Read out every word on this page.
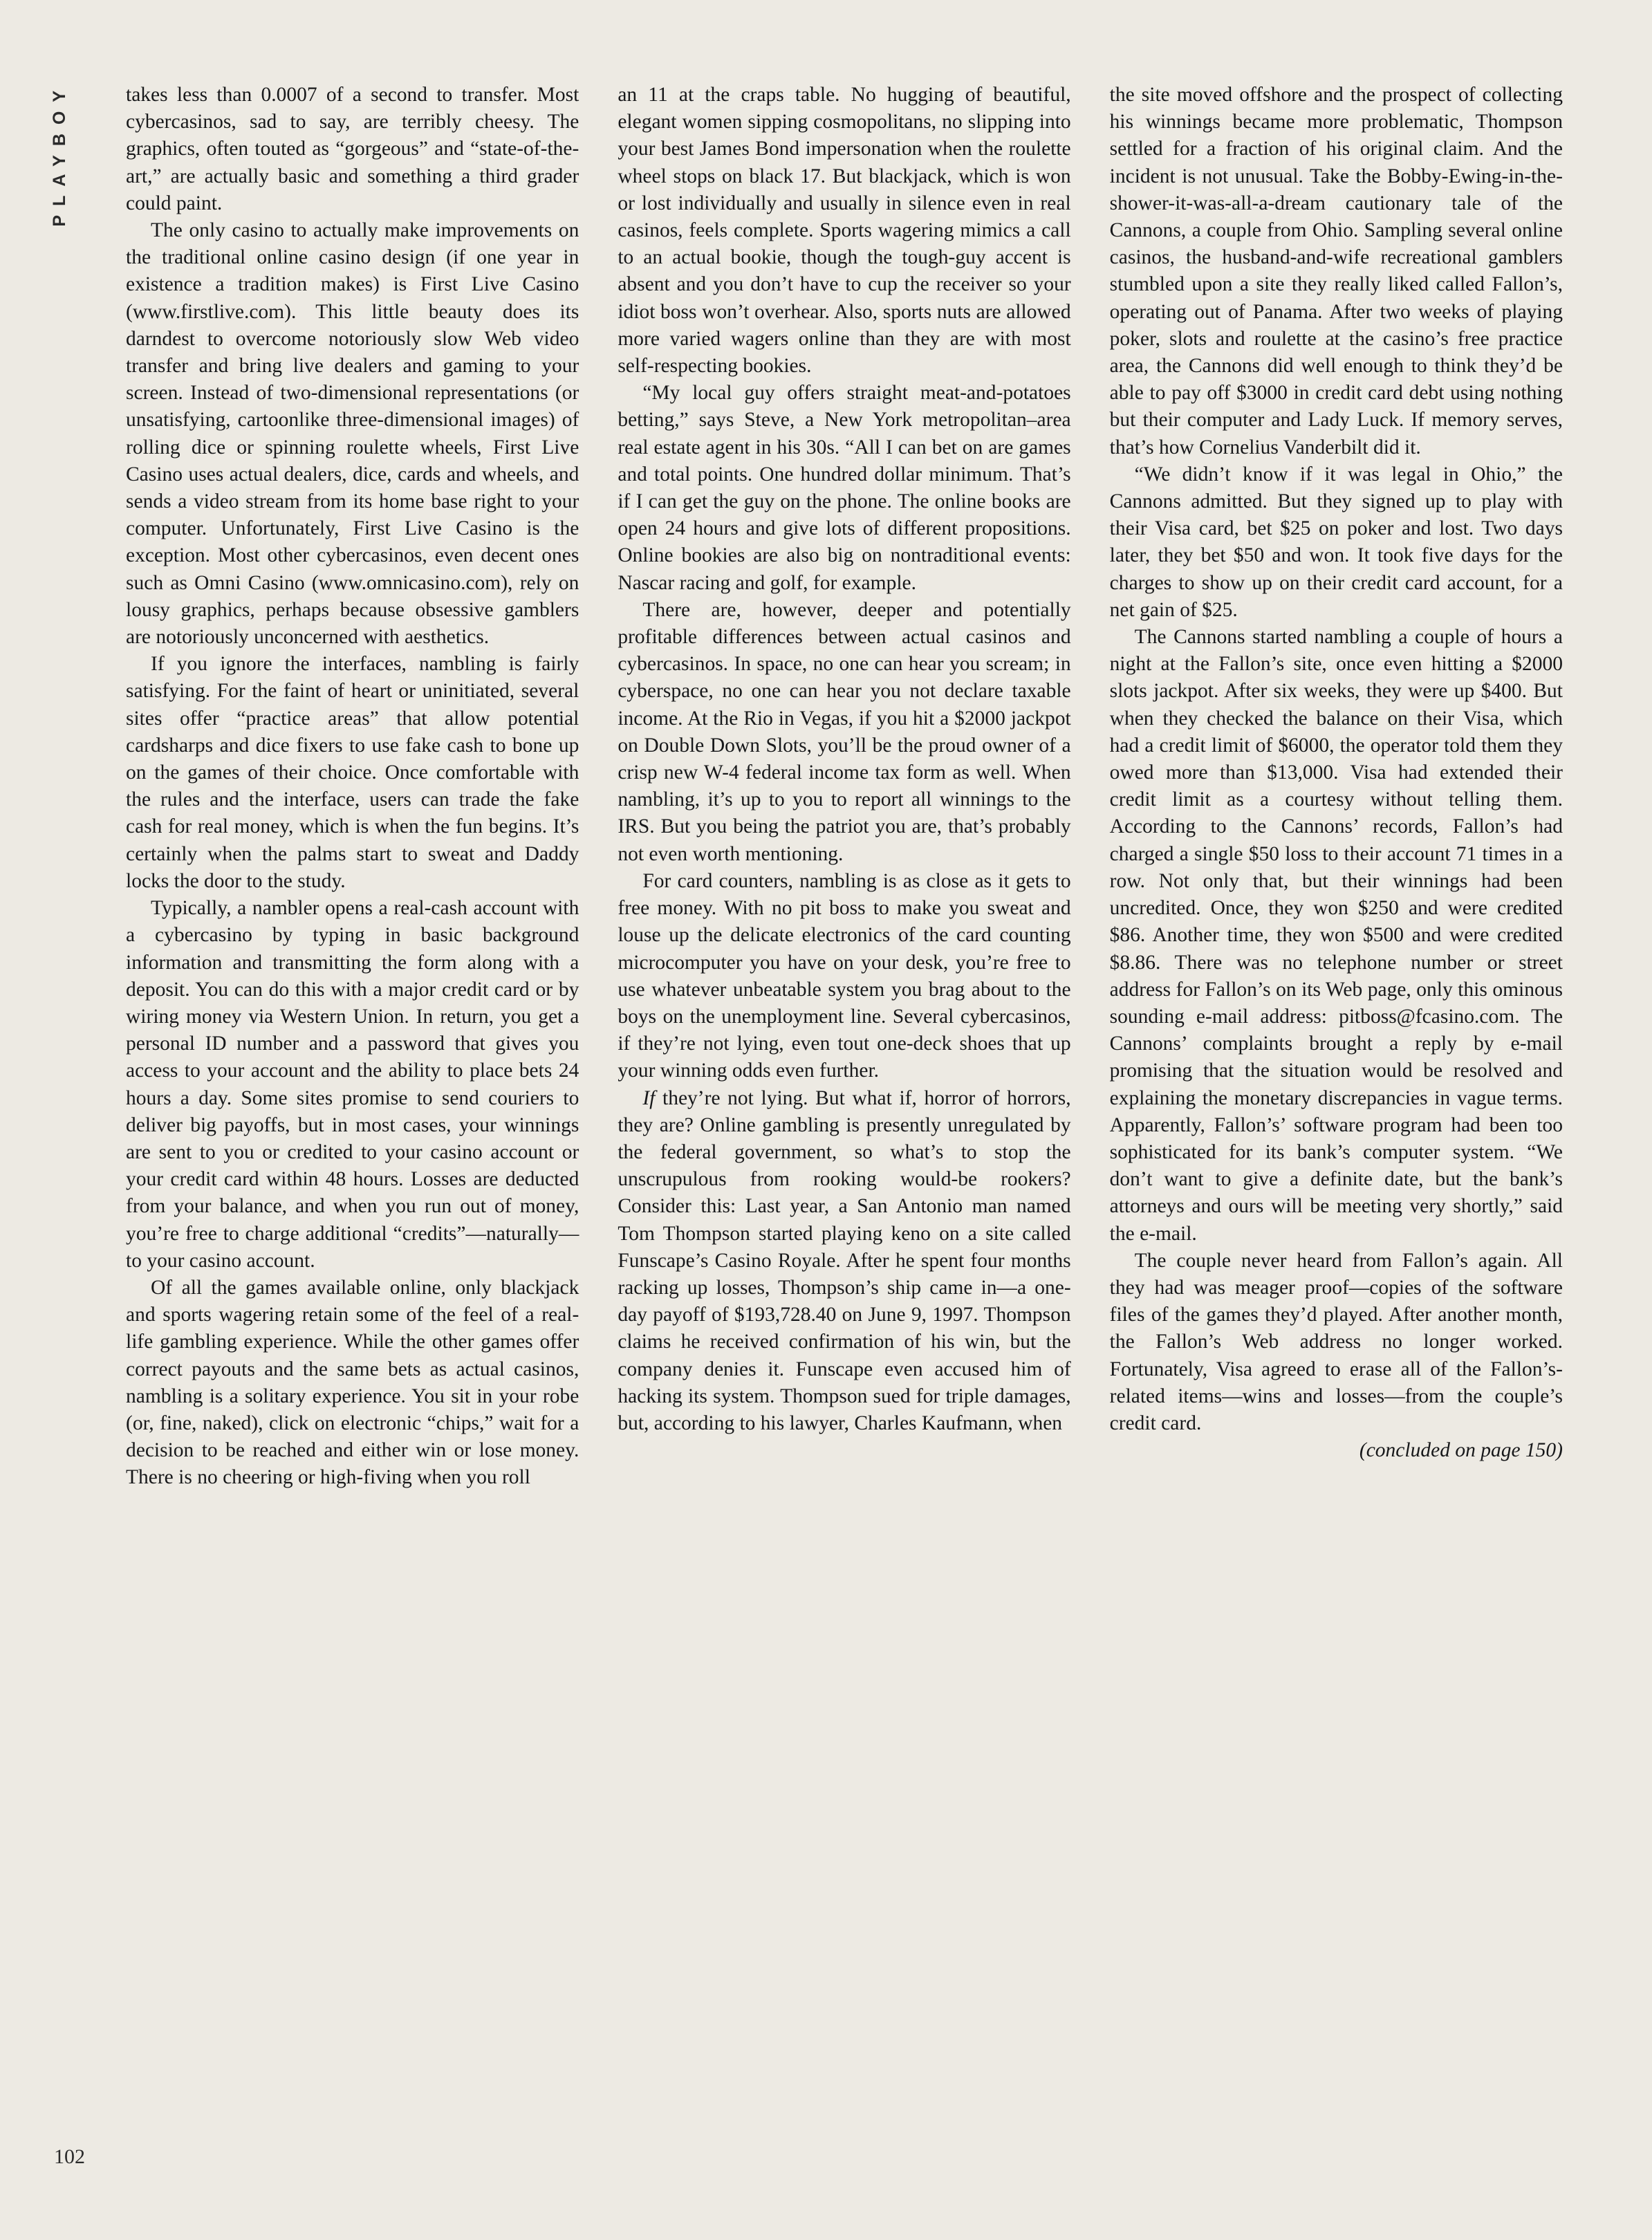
PLAYBOY
102

takes less than 0.0007 of a second to transfer. Most cybercasinos, sad to say, are terribly cheesy. The graphics, often touted as “gorgeous” and “state-of-the-art,” are actually basic and something a third grader could paint.

The only casino to actually make improvements on the traditional online casino design (if one year in existence a tradition makes) is First Live Casino (www.firstlive.com). This little beauty does its darndest to overcome notoriously slow Web video transfer and bring live dealers and gaming to your screen. Instead of two-dimensional representations (or unsatisfying, cartoonlike three-dimensional images) of rolling dice or spinning roulette wheels, First Live Casino uses actual dealers, dice, cards and wheels, and sends a video stream from its home base right to your computer. Unfortunately, First Live Casino is the exception. Most other cybercasinos, even decent ones such as Omni Casino (www.omnicasino.com), rely on lousy graphics, perhaps because obsessive gamblers are notoriously unconcerned with aesthetics.

If you ignore the interfaces, nambling is fairly satisfying. For the faint of heart or uninitiated, several sites offer “practice areas” that allow potential cardsharps and dice fixers to use fake cash to bone up on the games of their choice. Once comfortable with the rules and the interface, users can trade the fake cash for real money, which is when the fun begins. It’s certainly when the palms start to sweat and Daddy locks the door to the study.

Typically, a nambler opens a real-cash account with a cybercasino by typing in basic background information and transmitting the form along with a deposit. You can do this with a major credit card or by wiring money via Western Union. In return, you get a personal ID number and a password that gives you access to your account and the ability to place bets 24 hours a day. Some sites promise to send couriers to deliver big payoffs, but in most cases, your winnings are sent to you or credited to your casino account or your credit card within 48 hours. Losses are deducted from your balance, and when you run out of money, you’re free to charge additional “credits”—naturally—to your casino account.

Of all the games available online, only blackjack and sports wagering retain some of the feel of a real-life gambling experience. While the other games offer correct payouts and the same bets as actual casinos, nambling is a solitary experience. You sit in your robe (or, fine, naked), click on electronic “chips,” wait for a decision to be reached and either win or lose money. There is no cheering or high-fiving when you roll

an 11 at the craps table. No hugging of beautiful, elegant women sipping cosmopolitans, no slipping into your best James Bond impersonation when the roulette wheel stops on black 17. But blackjack, which is won or lost individually and usually in silence even in real casinos, feels complete. Sports wagering mimics a call to an actual bookie, though the tough-guy accent is absent and you don’t have to cup the receiver so your idiot boss won’t overhear. Also, sports nuts are allowed more varied wagers online than they are with most self-respecting bookies.

“My local guy offers straight meat-and-potatoes betting,” says Steve, a New York metropolitan–area real estate agent in his 30s. “All I can bet on are games and total points. One hundred dollar minimum. That’s if I can get the guy on the phone. The online books are open 24 hours and give lots of different propositions. Online bookies are also big on nontraditional events: Nascar racing and golf, for example.

There are, however, deeper and potentially profitable differences between actual casinos and cybercasinos. In space, no one can hear you scream; in cyberspace, no one can hear you not declare taxable income. At the Rio in Vegas, if you hit a $2000 jackpot on Double Down Slots, you’ll be the proud owner of a crisp new W-4 federal income tax form as well. When nambling, it’s up to you to report all winnings to the IRS. But you being the patriot you are, that’s probably not even worth mentioning.

For card counters, nambling is as close as it gets to free money. With no pit boss to make you sweat and louse up the delicate electronics of the card counting microcomputer you have on your desk, you’re free to use whatever unbeatable system you brag about to the boys on the unemployment line. Several cybercasinos, if they’re not lying, even tout one-deck shoes that up your winning odds even further.

If they’re not lying. But what if, horror of horrors, they are? Online gambling is presently unregulated by the federal government, so what’s to stop the unscrupulous from rooking would-be rookers? Consider this: Last year, a San Antonio man named Tom Thompson started playing keno on a site called Funscape’s Casino Royale. After he spent four months racking up losses, Thompson’s ship came in—a one-day payoff of $193,728.40 on June 9, 1997. Thompson claims he received confirmation of his win, but the company denies it. Funscape even accused him of hacking its system. Thompson sued for triple damages, but, according to his lawyer, Charles Kaufmann, when

the site moved offshore and the prospect of collecting his winnings became more problematic, Thompson settled for a fraction of his original claim. And the incident is not unusual. Take the Bobby-Ewing-in-the-shower-it-was-all-a-dream cautionary tale of the Cannons, a couple from Ohio. Sampling several online casinos, the husband-and-wife recreational gamblers stumbled upon a site they really liked called Fallon’s, operating out of Panama. After two weeks of playing poker, slots and roulette at the casino’s free practice area, the Cannons did well enough to think they’d be able to pay off $3000 in credit card debt using nothing but their computer and Lady Luck. If memory serves, that’s how Cornelius Vanderbilt did it.

“We didn’t know if it was legal in Ohio,” the Cannons admitted. But they signed up to play with their Visa card, bet $25 on poker and lost. Two days later, they bet $50 and won. It took five days for the charges to show up on their credit card account, for a net gain of $25.

The Cannons started nambling a couple of hours a night at the Fallon’s site, once even hitting a $2000 slots jackpot. After six weeks, they were up $400. But when they checked the balance on their Visa, which had a credit limit of $6000, the operator told them they owed more than $13,000. Visa had extended their credit limit as a courtesy without telling them. According to the Cannons’ records, Fallon’s had charged a single $50 loss to their account 71 times in a row. Not only that, but their winnings had been uncredited. Once, they won $250 and were credited $86. Another time, they won $500 and were credited $8.86. There was no telephone number or street address for Fallon’s on its Web page, only this ominous sounding e-mail address: pitboss@fcasino.com. The Cannons’ complaints brought a reply by e-mail promising that the situation would be resolved and explaining the monetary discrepancies in vague terms. Apparently, Fallon’s’ software program had been too sophisticated for its bank’s computer system. “We don’t want to give a definite date, but the bank’s attorneys and ours will be meeting very shortly,” said the e-mail.

The couple never heard from Fallon’s again. All they had was meager proof—copies of the software files of the games they’d played. After another month, the Fallon’s Web address no longer worked. Fortunately, Visa agreed to erase all of the Fallon’s-related items—wins and losses—from the couple’s credit card.

(concluded on page 150)
